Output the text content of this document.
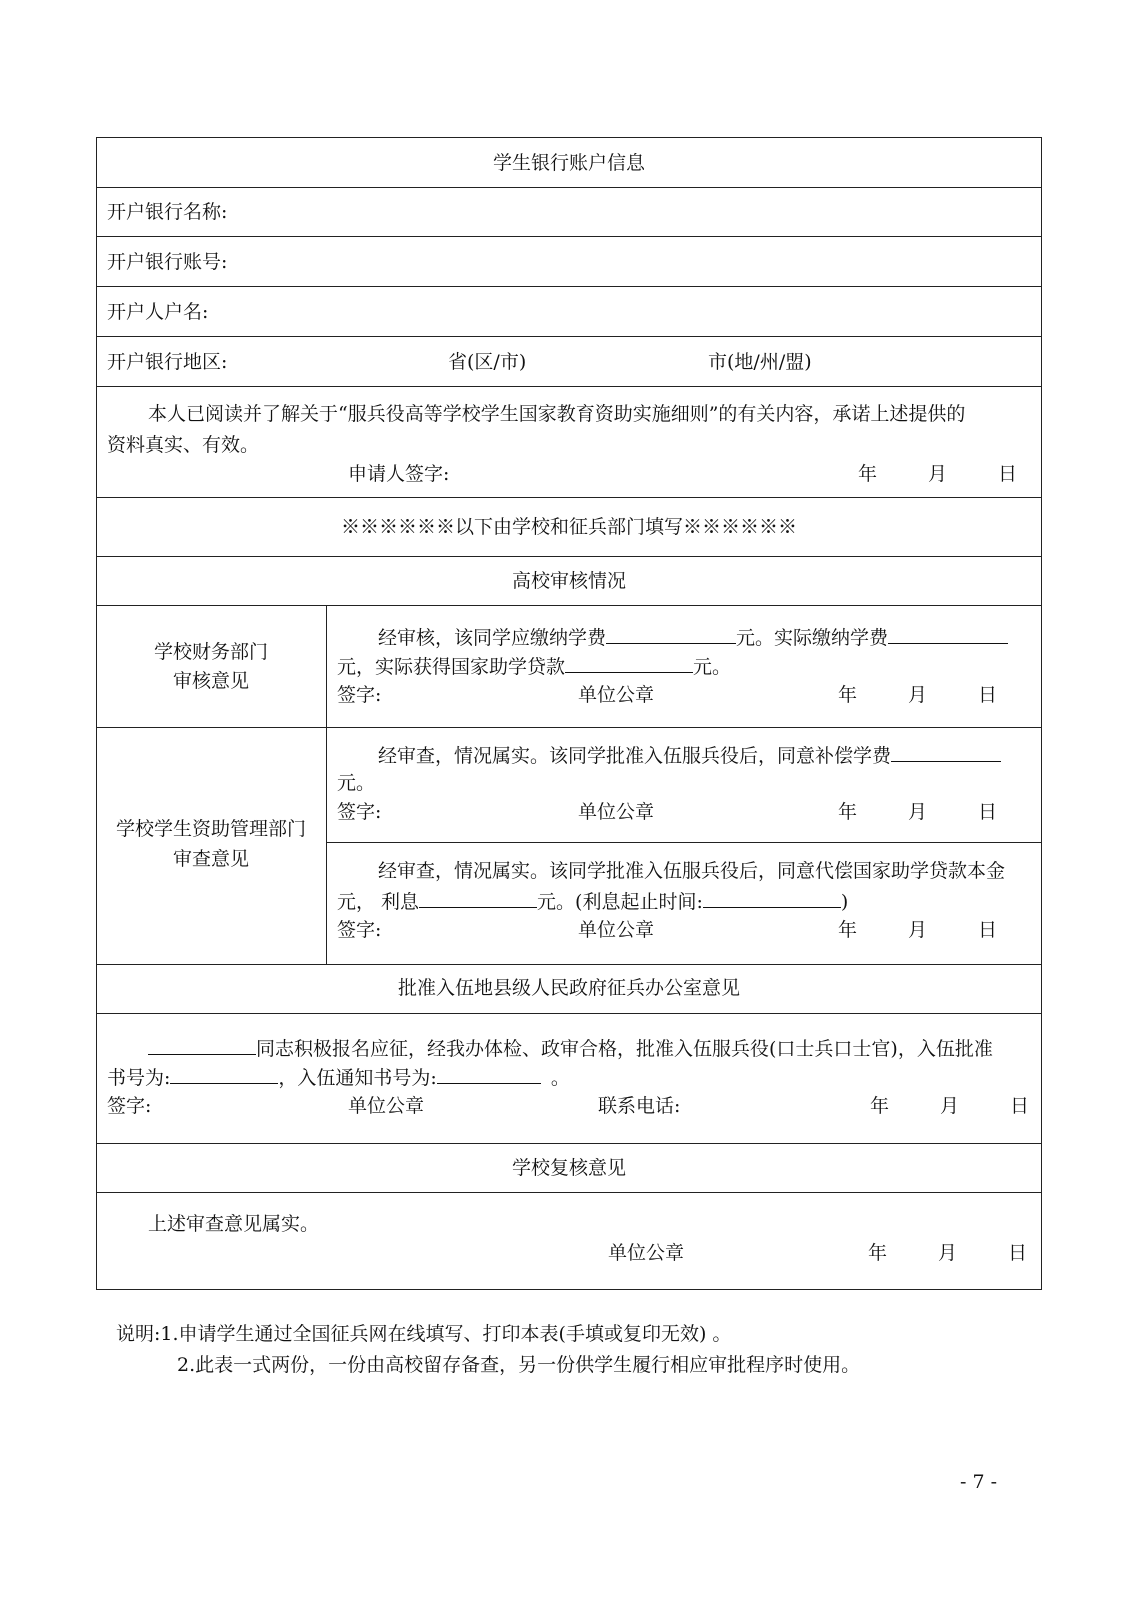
学生银行账户信息
开户银行名称:
开户银行账号:
开户人户名:
开户银行地区:	省(区/市)	市(地/州/盟)
本人已阅读并了解关于“服兵役高等学校学生国家教育资助实施细则”的有关内容，承诺上述提供的
资料真实、有效。
申请人签字:	年	月	日
※※※※※※以下由学校和征兵部门填写※※※※※※
高校审核情况
学校财务部门
审核意见
经审核，该同学应缴纳学费	元。实际缴纳学费
元，实际获得国家助学贷款	元。
签字:	单位公章	年	月	日
学校学生资助管理部门
审查意见
经审查，情况属实。该同学批准入伍服兵役后，同意补偿学费
元。
签字:	单位公章	年	月	日
经审查，情况属实。该同学批准入伍服兵役后，同意代偿国家助学贷款本金
元， 利息	元。(利息起止时间:	)
签字:	单位公章	年	月	日
批准入伍地县级人民政府征兵办公室意见
同志积极报名应征，经我办体检、政审合格，批准入伍服兵役(口士兵口士官)，入伍批准
书号为:	，入伍通知书号为:	。
签字:	单位公章	联系电话:	年	月	日
学校复核意见
上述审查意见属实。
单位公章	年	月	日
说明:1.申请学生通过全国征兵网在线填写、打印本表(手填或复印无效) 。
2.此表一式两份，一份由高校留存备查，另一份供学生履行相应审批程序时使用。
- 7 -
